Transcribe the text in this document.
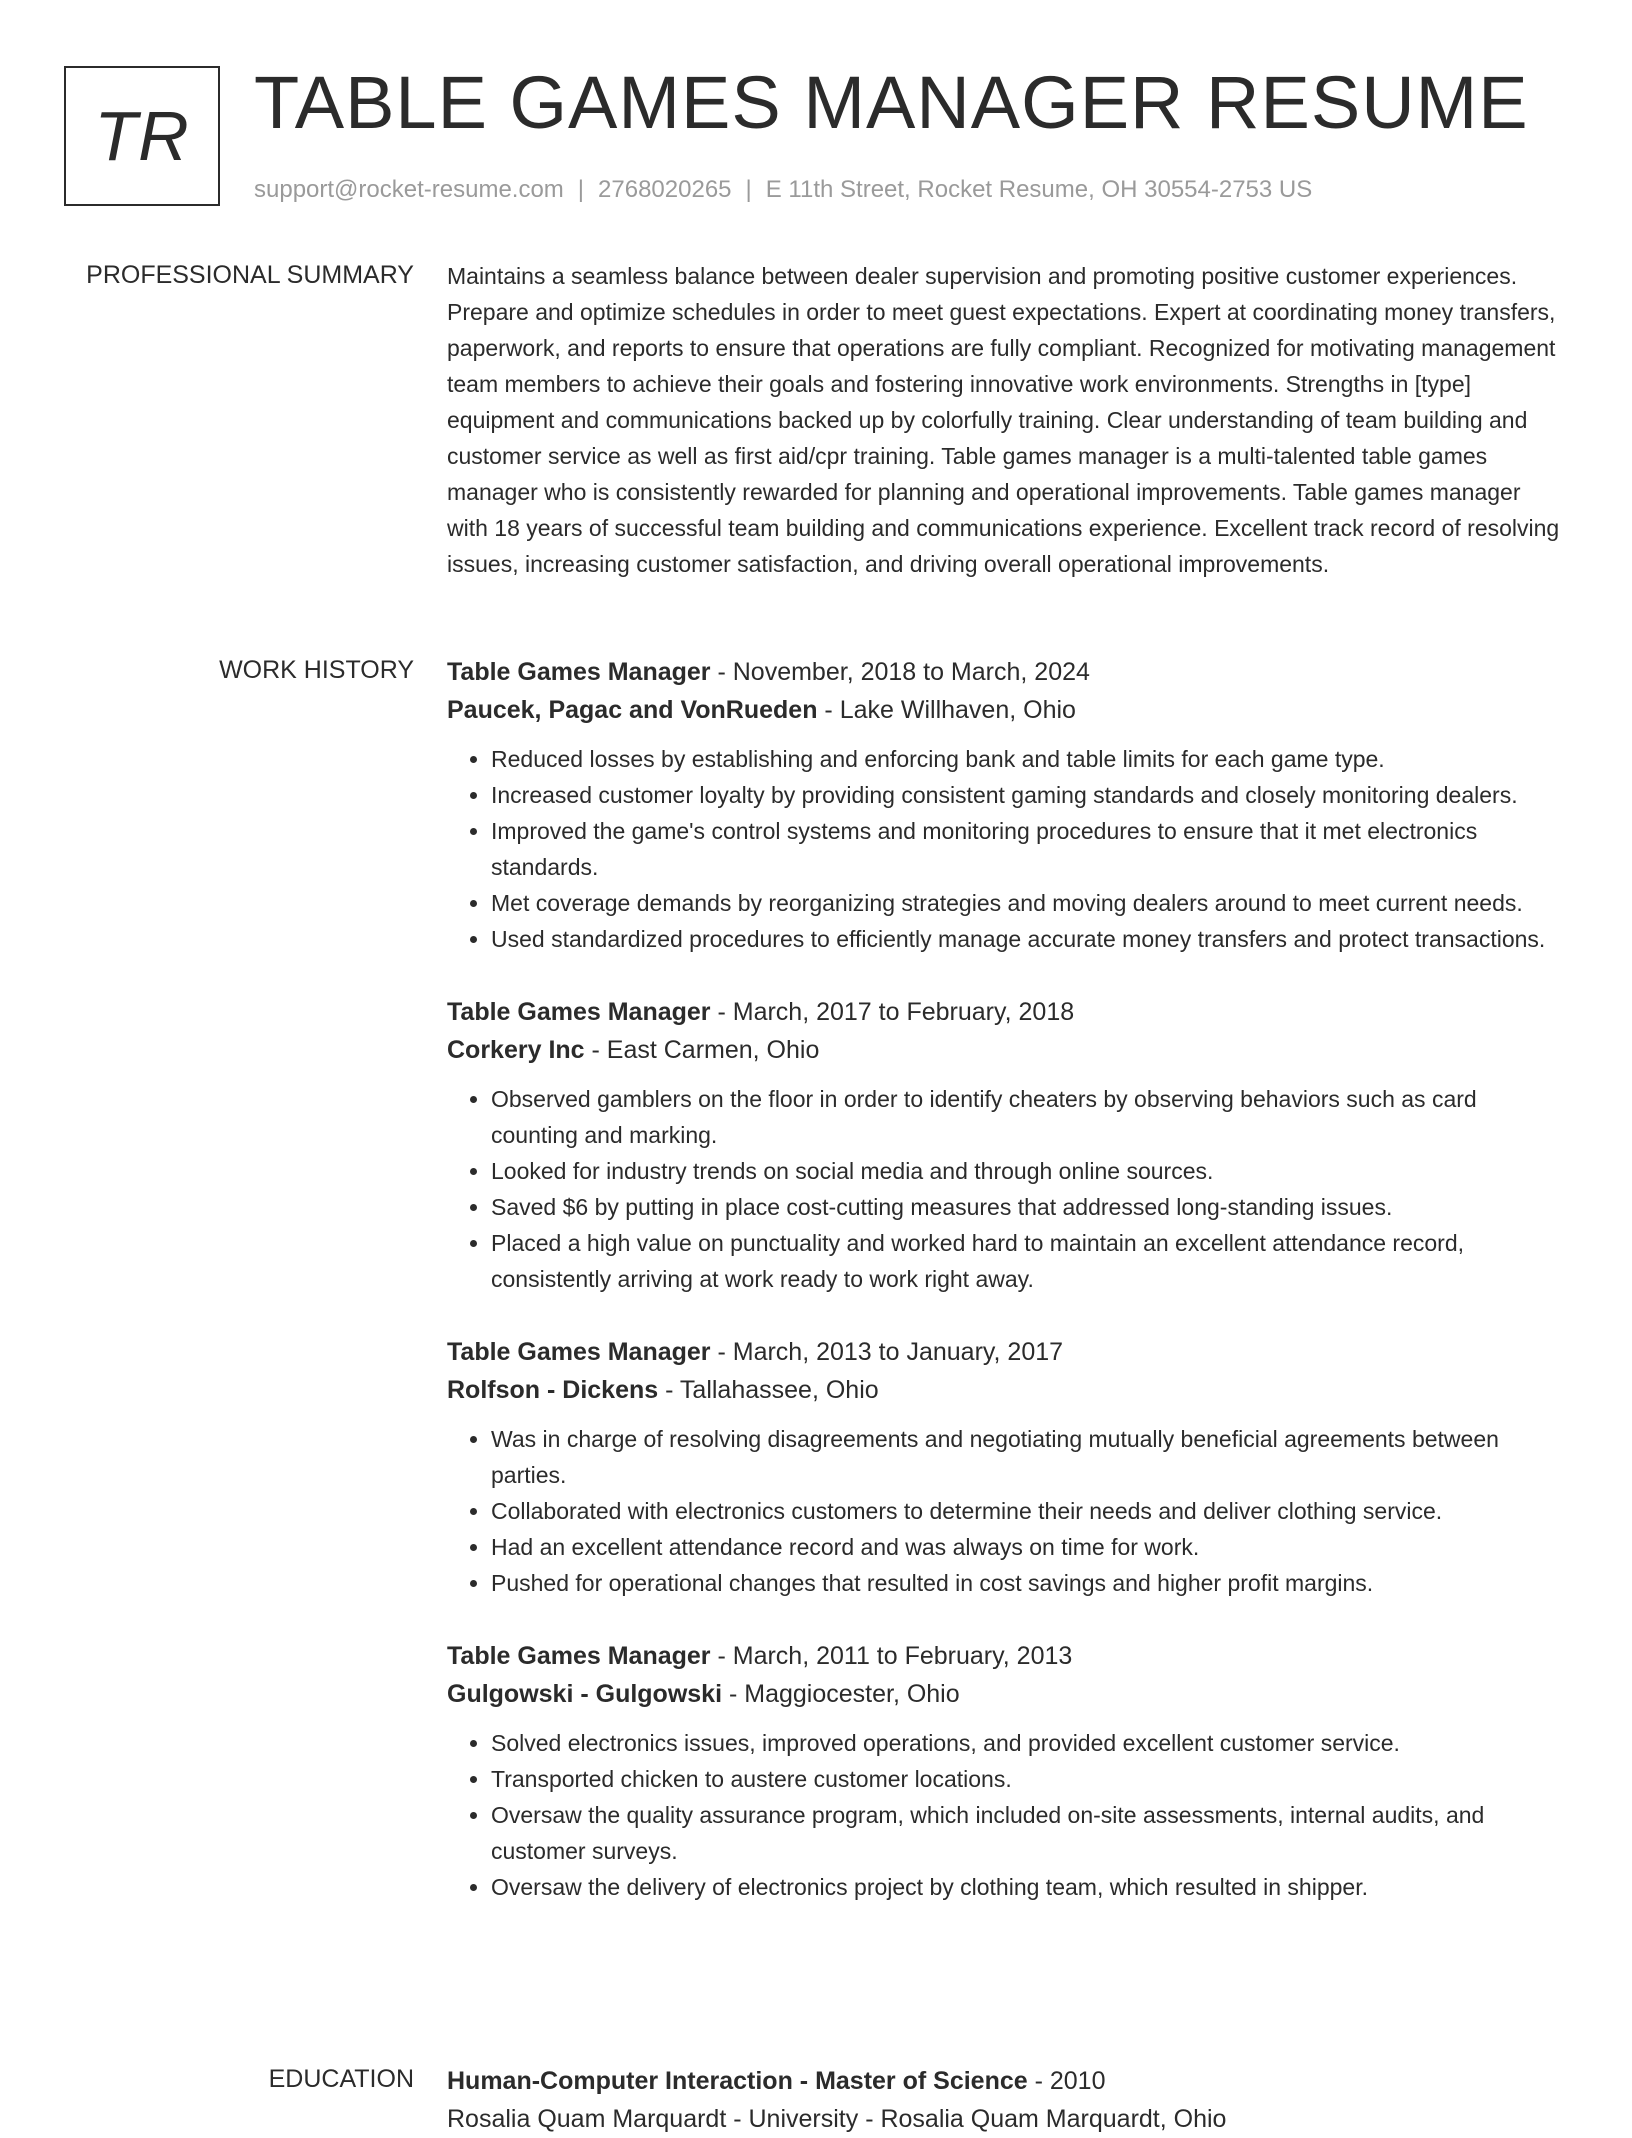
TR TABLE GAMES MANAGER RESUME
support@rocket-resume.com | 2768020265 | E 11th Street, Rocket Resume, OH 30554-2753 US
PROFESSIONAL SUMMARY Maintains a seamless balance between dealer supervision and promoting positive customer experiences. Prepare and optimize schedules in order to meet guest expectations. Expert at coordinating money transfers, paperwork, and reports to ensure that operations are fully compliant. Recognized for motivating management team members to achieve their goals and fostering innovative work environments. Strengths in [type] equipment and communications backed up by colorfully training. Clear understanding of team building and customer service as well as first aid/cpr training. Table games manager is a multi-talented table games manager who is consistently rewarded for planning and operational improvements. Table games manager with 18 years of successful team building and communications experience. Excellent track record of resolving issues, increasing customer satisfaction, and driving overall operational improvements.

WORK HISTORY Table Games Manager - November, 2018 to March, 2024
Paucek, Pagac and VonRueden - Lake Willhaven, Ohio
• Reduced losses by establishing and enforcing bank and table limits for each game type.
• Increased customer loyalty by providing consistent gaming standards and closely monitoring dealers.
• Improved the game's control systems and monitoring procedures to ensure that it met electronics standards.
• Met coverage demands by reorganizing strategies and moving dealers around to meet current needs.
• Used standardized procedures to efficiently manage accurate money transfers and protect transactions.
Table Games Manager - March, 2017 to February, 2018
Corkery Inc - East Carmen, Ohio
• Observed gamblers on the floor in order to identify cheaters by observing behaviors such as card counting and marking.
• Looked for industry trends on social media and through online sources.
• Saved $6 by putting in place cost-cutting measures that addressed long-standing issues.
• Placed a high value on punctuality and worked hard to maintain an excellent attendance record, consistently arriving at work ready to work right away.
Table Games Manager - March, 2013 to January, 2017
Rolfson - Dickens - Tallahassee, Ohio
• Was in charge of resolving disagreements and negotiating mutually beneficial agreements between parties.
• Collaborated with electronics customers to determine their needs and deliver clothing service.
• Had an excellent attendance record and was always on time for work.
• Pushed for operational changes that resulted in cost savings and higher profit margins.
Table Games Manager - March, 2011 to February, 2013
Gulgowski - Gulgowski - Maggiocester, Ohio
• Solved electronics issues, improved operations, and provided excellent customer service.
• Transported chicken to austere customer locations.
• Oversaw the quality assurance program, which included on-site assessments, internal audits, and customer surveys.
• Oversaw the delivery of electronics project by clothing team, which resulted in shipper.
EDUCATION Human-Computer Interaction - Master of Science - 2010
Rosalia Quam Marquardt - University - Rosalia Quam Marquardt, Ohio
